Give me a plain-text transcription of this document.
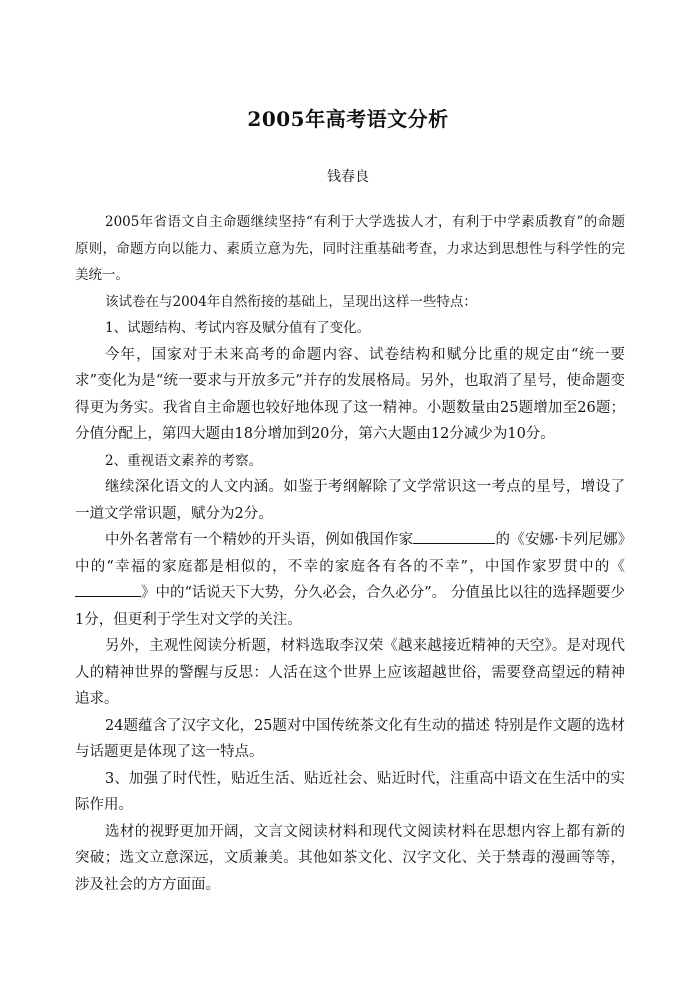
2005年高考语文分析
钱春良

2005年省语文自主命题继续坚持“有利于大学选拔人才，有利于中学素质教育”的命题原则，命题方向以能力、素质立意为先，同时注重基础考查，力求达到思想性与科学性的完美统一。

该试卷在与2004年自然衔接的基础上，呈现出这样一些特点：

1、试题结构、考试内容及赋分值有了变化。

今年，国家对于未来高考的命题内容、试卷结构和赋分比重的规定由“统一要求”变化为是“统一要求与开放多元”并存的发展格局。另外，也取消了星号，使命题变得更为务实。我省自主命题也较好地体现了这一精神。小题数量由25题增加至26题；分值分配上，第四大题由18分增加到20分，第六大题由12分减少为10分。

2、重视语文素养的考察。

继续深化语文的人文内涵。如鉴于考纲解除了文学常识这一考点的星号，增设了一道文学常识题，赋分为2分。

中外名著常有一个精妙的开头语，例如俄国作家	的《安娜·卡列尼娜》中的“幸福的家庭都是相似的，不幸的家庭各有各的不幸”，中国作家罗贯中的《》中的“话说天下大势，分久必会，合久必分”。 分值虽比以往的选择题要少1分，但更利于学生对文学的关注。

另外，主观性阅读分析题，材料选取李汉荣《越来越接近精神的天空》。是对现代人的精神世界的警醒与反思：人活在这个世界上应该超越世俗，需要登高望远的精神追求。

24题蕴含了汉字文化，25题对中国传统茶文化有生动的描述 特别是作文题的选材与话题更是体现了这一特点。

3、加强了时代性，贴近生活、贴近社会、贴近时代，注重高中语文在生活中的实际作用。

选材的视野更加开阔，文言文阅读材料和现代文阅读材料在思想内容上都有新的突破；选文立意深远，文质兼美。其他如茶文化、汉字文化、关于禁毒的漫画等等，涉及社会的方方面面。
